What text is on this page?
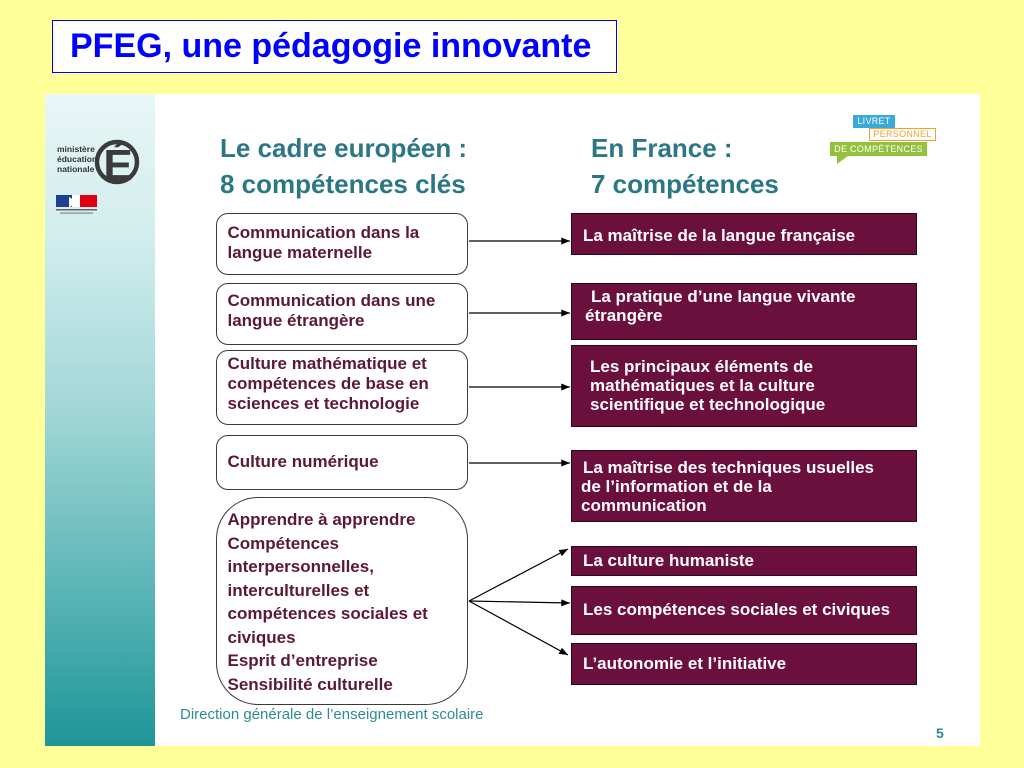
PFEG, une pédagogie innovante
É
ministère
éducation
nationale
Le cadre européen :
8 compétences clés
En France :
7 compétences
LIVRET
PERSONNEL
DE COMPÉTENCES
Communication dans la
langue maternelle
Communication dans une
langue étrangère
Culture mathématique et
compétences de base en
sciences et technologie
Culture numérique
Apprendre à apprendre
Compétences
interpersonnelles,
interculturelles et
compétences sociales et
civiques
Esprit d’entreprise
Sensibilité culturelle
La maîtrise de la langue française
La pratique d’une langue vivante
étrangère
Les principaux éléments de
mathématiques et la culture
scientifique et technologique
La maîtrise des techniques usuelles
de l’information et de la
communication
La culture humaniste
Les compétences sociales et civiques
L’autonomie et l’initiative
Direction générale de l’enseignement scolaire
5
